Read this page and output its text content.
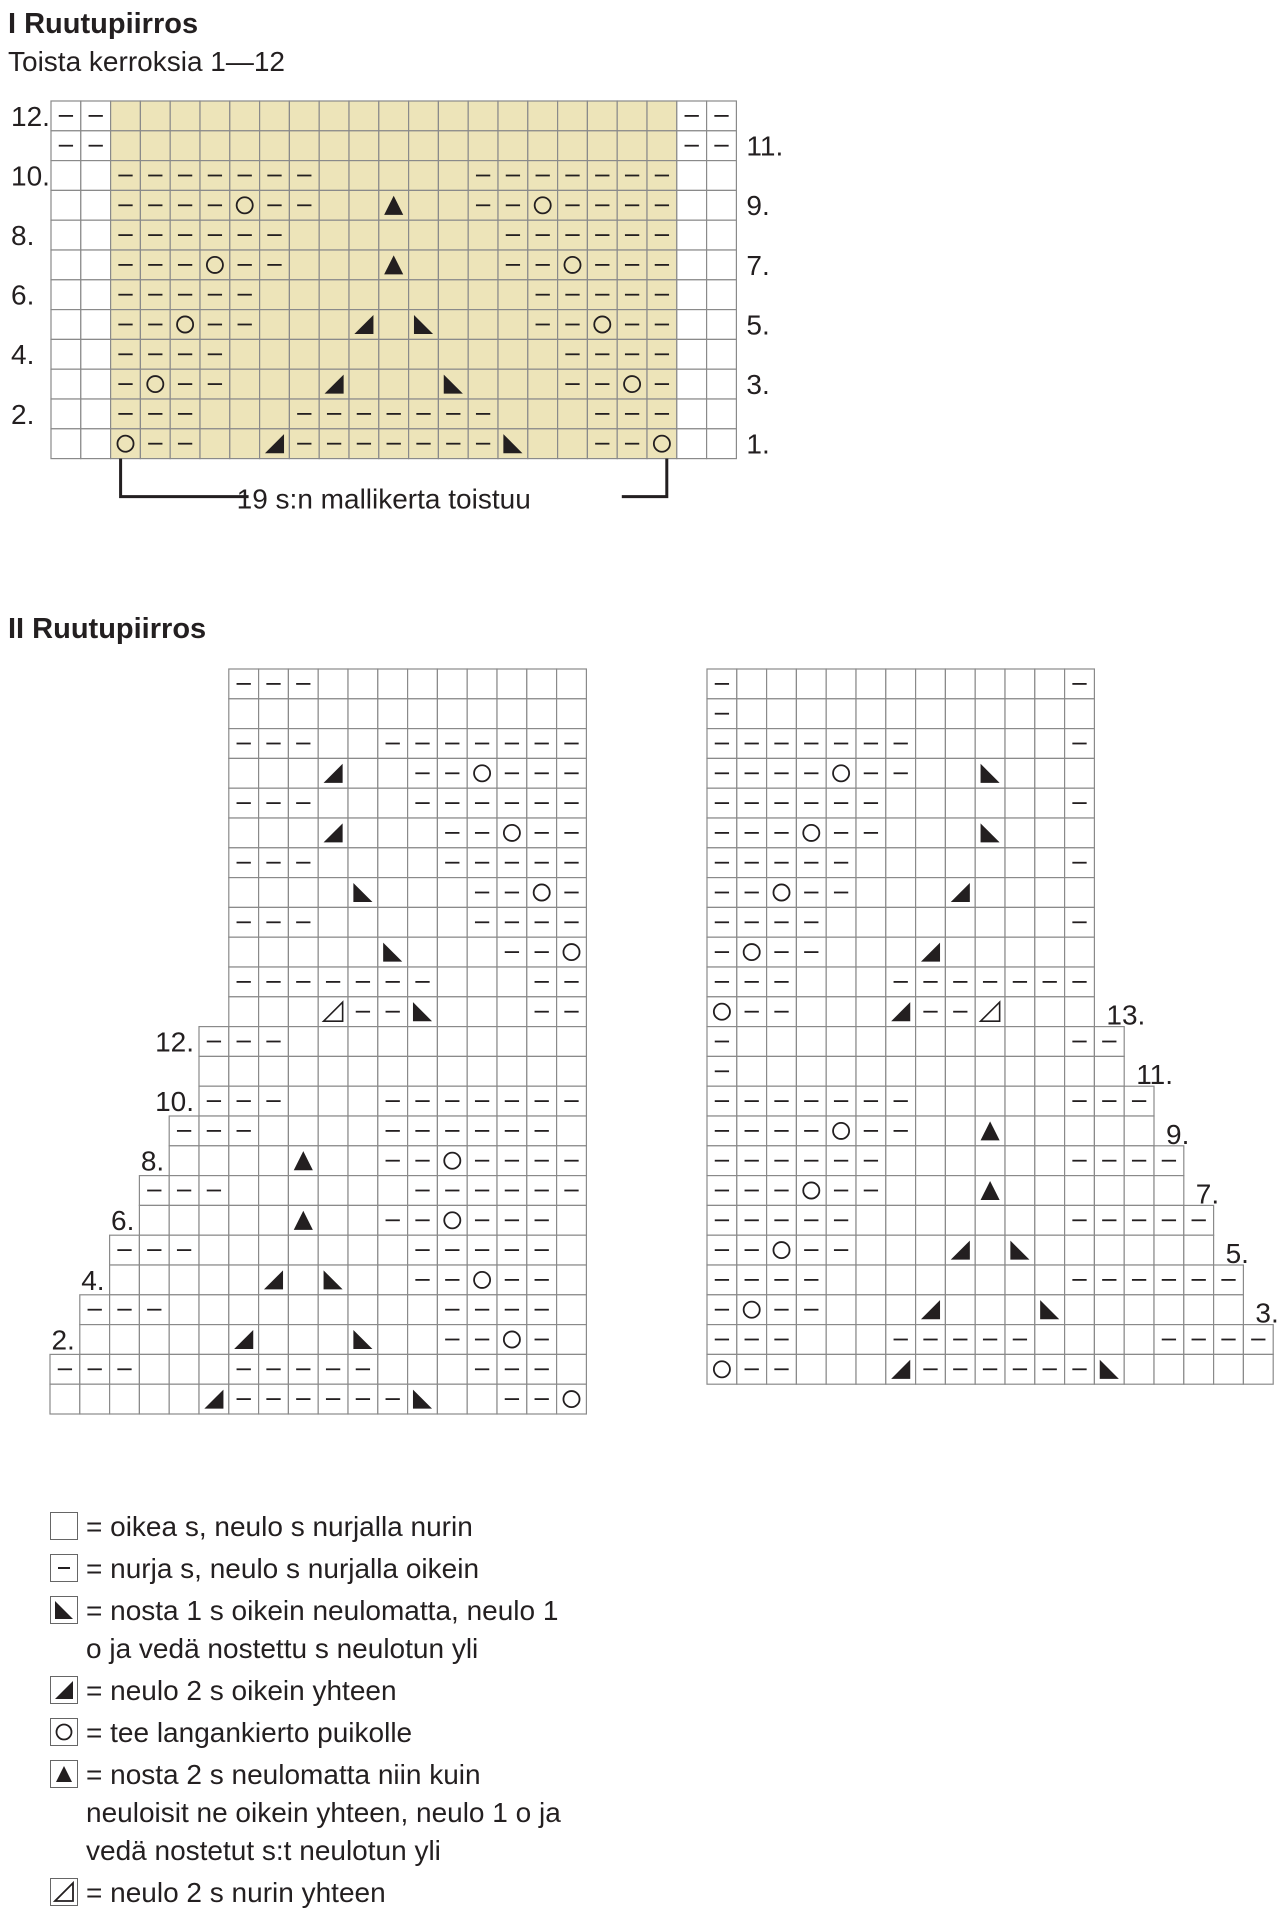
I Ruutupiirros
Toista kerroksia 1—12
12.
10.
8.
6.
4.
2.
11.
9.
7.
5.
3.
1.
19 s:n mallikerta toistuu
II Ruutupiirros
12.
10.
8.
6.
4.
2.
13.
11.
9.
7.
5.
3.
= oikea s, neulo s nurjalla nurin
= nurja s, neulo s nurjalla oikein
= nosta 1 s oikein neulomatta, neulo 1 o ja vedä nostettu s neulotun yli
= neulo 2 s oikein yhteen
= tee langankierto puikolle
= nosta 2 s neulomatta niin kuin neuloisit ne oikein yhteen, neulo 1 o ja vedä nostetut s:t neulotun yli
= neulo 2 s nurin yhteen
